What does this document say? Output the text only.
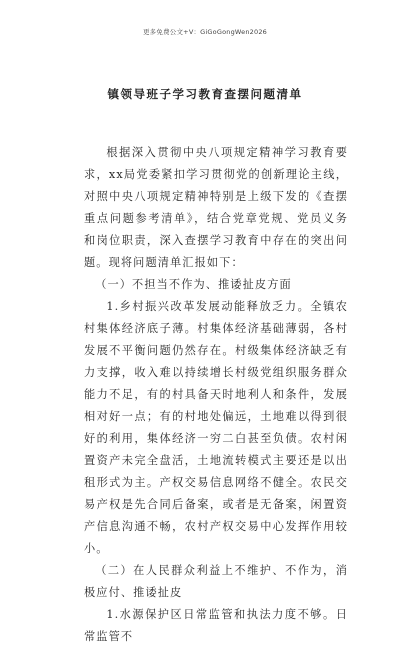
更多免费公文+V：GiGoGongWen2026
镇领导班子学习教育查摆问题清单

根据深入贯彻中央八项规定精神学习教育要求，xx局党委紧扣学习贯彻党的创新理论主线，对照中央八项规定精神特别是上级下发的《查摆重点问题参考清单》，结合党章党规、党员义务和岗位职责，深入查摆学习教育中存在的突出问题。现将问题清单汇报如下：

（一）不担当不作为、推诿扯皮方面

1.乡村振兴改革发展动能释放乏力。全镇农村集体经济底子薄。村集体经济基础薄弱，各村发展不平衡问题仍然存在。村级集体经济缺乏有力支撑，收入难以持续增长村级党组织服务群众能力不足，有的村具备天时地利人和条件，发展相对好一点；有的村地处偏远，土地难以得到很好的利用，集体经济一穷二白甚至负债。农村闲置资产未完全盘活，土地流转模式主要还是以出租形式为主。产权交易信息网络不健全。农民交易产权是先合同后备案，或者是无备案，闲置资产信息沟通不畅，农村产权交易中心发挥作用较小。

（二）在人民群众利益上不维护、不作为，消极应付、推诿扯皮

1.水源保护区日常监管和执法力度不够。日常监管不
